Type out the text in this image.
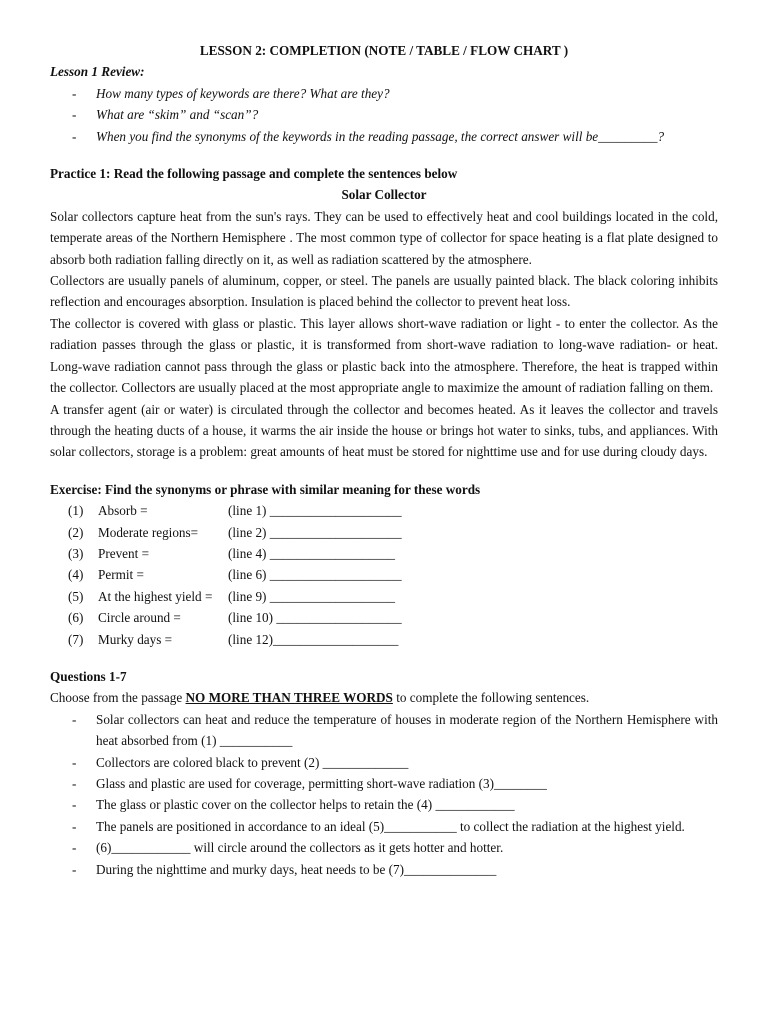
LESSON 2: COMPLETION (NOTE / TABLE / FLOW CHART )

Lesson 1 Review:

- How many types of keywords are there? What are they?
- What are “skim” and “scan”?
- When you find the synonyms of the keywords in the reading passage, the correct answer will be_________?

Practice 1: Read the following passage and complete the sentences below

Solar Collector

Solar collectors capture heat from the sun's rays. They can be used to effectively heat and cool buildings located in the cold, temperate areas of the Northern Hemisphere . The most common type of collector for space heating is a flat plate designed to absorb both radiation falling directly on it, as well as radiation scattered by the atmosphere.

Collectors are usually panels of aluminum, copper, or steel. The panels are usually painted black. The black coloring inhibits reflection and encourages absorption. Insulation is placed behind the collector to prevent heat loss.

The collector is covered with glass or plastic. This layer allows short-wave radiation or light - to enter the collector. As the radiation passes through the glass or plastic, it is transformed from short-wave radiation to long-wave radiation- or heat. Long-wave radiation cannot pass through the glass or plastic back into the atmosphere. Therefore, the heat is trapped within the collector. Collectors are usually placed at the most appropriate angle to maximize the amount of radiation falling on them.

A transfer agent (air or water) is circulated through the collector and becomes heated. As it leaves the collector and travels through the heating ducts of a house, it warms the air inside the house or brings hot water to sinks, tubs, and appliances. With solar collectors, storage is a problem: great amounts of heat must be stored for nighttime use and for use during cloudy days.

Exercise: Find the synonyms or phrase with similar meaning for these words

(1)	Absorb =	(line 1) ____________________
(2)	Moderate regions=	(line 2) ____________________
(3)	Prevent =	(line 4) ___________________
(4)	Permit =	(line 6) ____________________
(5)	At the highest yield =	(line 9) ___________________
(6)	Circle around =	(line 10) ___________________
(7)	Murky days =	(line 12)___________________

Questions 1-7

Choose from the passage NO MORE THAN THREE WORDS to complete the following sentences.

- Solar collectors can heat and reduce the temperature of houses in moderate region of the Northern Hemisphere with heat absorbed from (1) ___________
- Collectors are colored black to prevent (2) _____________
- Glass and plastic are used for coverage, permitting short-wave radiation (3)________
- The glass or plastic cover on the collector helps to retain the (4) ____________
- The panels are positioned in accordance to an ideal (5)___________ to collect the radiation at the highest yield.
- (6)____________ will circle around the collectors as it gets hotter and hotter.
- During the nighttime and murky days, heat needs to be (7)______________
